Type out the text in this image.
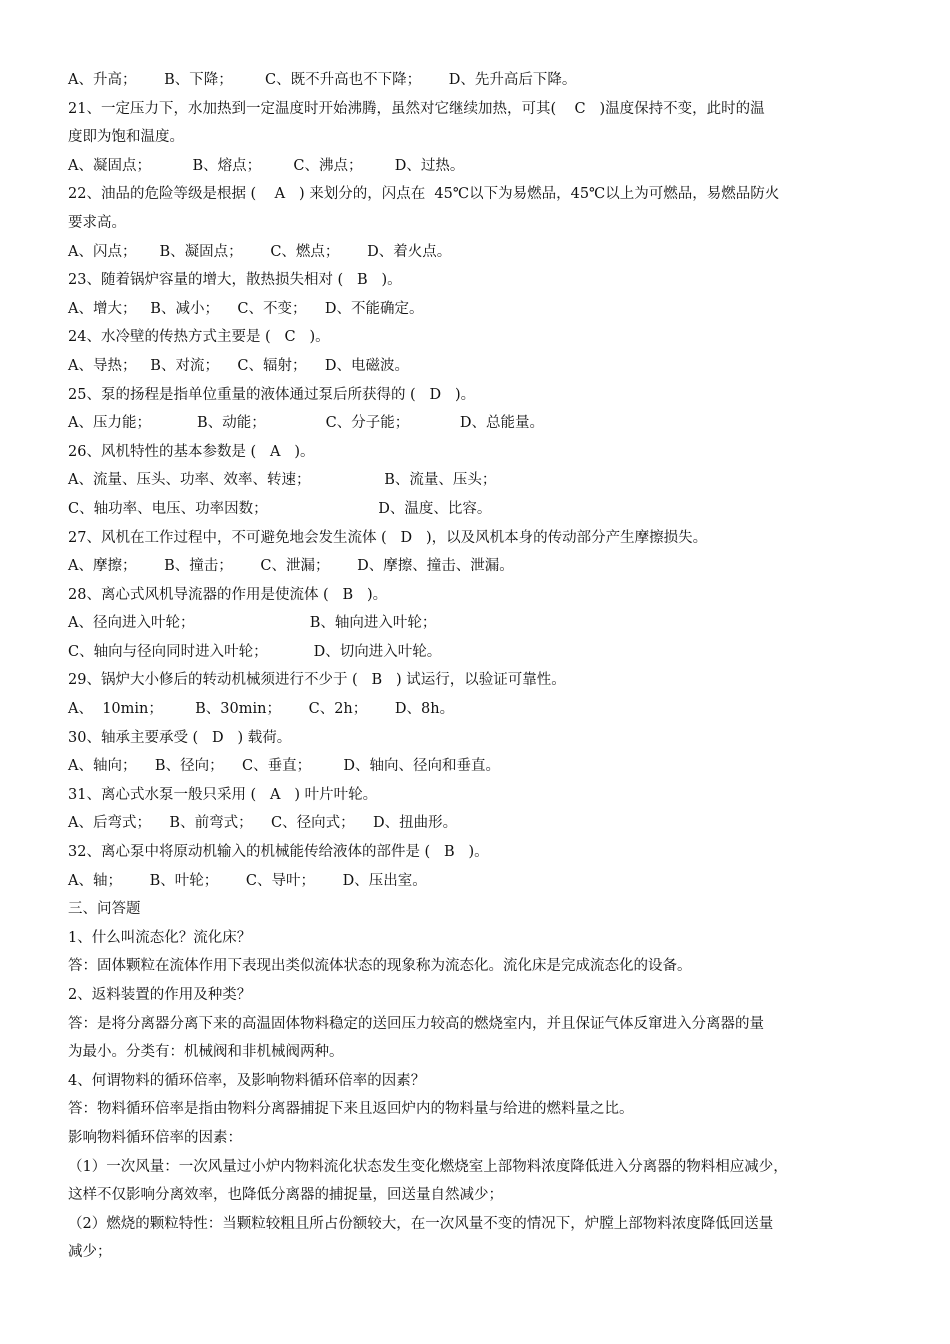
A、升高；      B、下降；       C、既不升高也不下降；      D、先升高后下降。
21、一定压力下，水加热到一定温度时开始沸腾，虽然对它继续加热，可其(    C   )温度保持不变，此时的温
度即为饱和温度。
A、凝固点；         B、熔点；       C、沸点；       D、过热。
22、油品的危险等级是根据 (    A   ) 来划分的，闪点在  45℃以下为易燃品，45℃以上为可燃品，易燃品防火
要求高。
A、闪点；     B、凝固点；      C、燃点；      D、着火点。
23、随着锅炉容量的增大，散热损失相对 (   B   )。
A、增大；   B、减小；    C、不变；    D、不能确定。
24、水冷壁的传热方式主要是 (   C   )。
A、导热；   B、对流；    C、辐射；    D、电磁波。
25、泵的扬程是指单位重量的液体通过泵后所获得的 (   D   )。
A、压力能；          B、动能；             C、分子能；           D、总能量。
26、风机特性的基本参数是 (   A   )。
A、流量、压头、功率、效率、转速；                B、流量、压头；
C、轴功率、电压、功率因数；                        D、温度、比容。
27、风机在工作过程中，不可避免地会发生流体 (   D   )，以及风机本身的传动部分产生摩擦损失。
A、摩擦；      B、撞击；      C、泄漏；      D、摩擦、撞击、泄漏。
28、离心式风机导流器的作用是使流体 (   B   )。
A、径向进入叶轮；                         B、轴向进入叶轮；
C、轴向与径向同时进入叶轮；          D、切向进入叶轮。
29、锅炉大小修后的转动机械须进行不少于 (   B   ) 试运行，以验证可靠性。
A、  10min；       B、30min；      C、2h；      D、8h。
30、轴承主要承受 (   D   ) 载荷。
A、轴向；    B、径向；    C、垂直；       D、轴向、径向和垂直。
31、离心式水泵一般只采用 (   A   ) 叶片叶轮。
A、后弯式；    B、前弯式；    C、径向式；    D、扭曲形。
32、离心泵中将原动机输入的机械能传给液体的部件是 (   B   )。
A、轴；      B、叶轮；      C、导叶；      D、压出室。
三、问答题
1、什么叫流态化？流化床？
答：固体颗粒在流体作用下表现出类似流体状态的现象称为流态化。流化床是完成流态化的设备。
2、返料装置的作用及种类？
答：是将分离器分离下来的高温固体物料稳定的送回压力较高的燃烧室内，并且保证气体反窜进入分离器的量
为最小。分类有：机械阀和非机械阀两种。
4、何谓物料的循环倍率，及影响物料循环倍率的因素？
答：物料循环倍率是指由物料分离器捕捉下来且返回炉内的物料量与给进的燃料量之比。
影响物料循环倍率的因素：
（1）一次风量：一次风量过小炉内物料流化状态发生变化燃烧室上部物料浓度降低进入分离器的物料相应减少，
这样不仅影响分离效率，也降低分离器的捕捉量，回送量自然减少；
（2）燃烧的颗粒特性：当颗粒较粗且所占份额较大，在一次风量不变的情况下，炉膛上部物料浓度降低回送量
减少；
